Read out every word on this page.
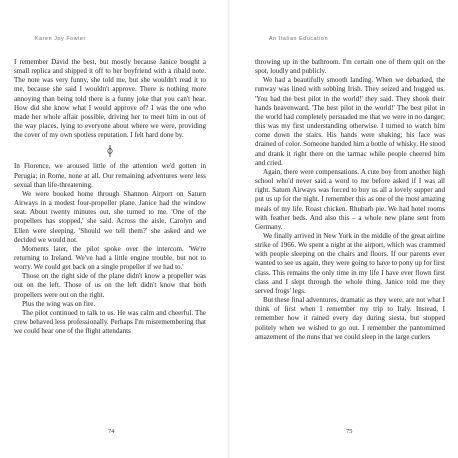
Karen Joy Fowler

I remember David the best, but mostly because Janice bought a small replica and shipped it off to her boyfriend with a ribald note. The note was very funny, she told me, but she wouldn't read it to me, because she said I wouldn't approve. There is nothing more annoying than being told there is a funny joke that you can't hear. How did she know what I would approve of? I was the one who made her whole affair possible, driving her to meet him in out of the way places, lying to everyone about where we were, providing the cover of my own spotless reputation. I felt hard done by.

In Florence, we aroused little of the attention we'd gotten in Perugia; in Rome, none at all. Our remaining adventures were less sexual than life-threatening.

We were booked home through Shannon Airport on Saturn Airways in a modest four-propeller plane. Janice had the window seat. About twenty minutes out, she turned to me. 'One of the propellers has stopped,' she said. Across the aisle, Carolyn and Ellen were sleeping. 'Should we tell them?' she asked and we decided we would not.

Moments later, the pilot spoke over the intercom. 'We're returning to Ireland. We've had a little engine trouble, but not to worry. We could get back on a single propeller if we had to.'

Those on the right side of the plane didn't know a propeller was out on the left. Those of us on the left didn't know that both propellers were out on the right.

Plus the wing was on fire.

The pilot continued to talk to us. He was calm and cheerful. The crew behaved less professionally. Perhaps I'm misremembering that we could hear one of the flight attendants

74
An Italian Education

throwing up in the bathroom. I'm certain one of them quit on the spot, loudly and publicly.

We had a beautifully smooth landing. When we debarked, the runway was lined with sobbing Irish. They seized and hugged us. 'You had the best pilot in the world!' they said. They shook their hands heavenward. 'The best pilot in the world!' The best pilot in the world had completely persuaded me that we were in no danger; this was my first understanding otherwise. I turned to watch him come down the stairs. His hands were shaking; his face was drained of color. Someone handed him a bottle of whisky. He stood and drank it right there on the tarmac while people cheered him and cried.

Again, there were compensations. A cute boy from another high school who'd never said a word to me before asked if I was all right. Saturn Airways was forced to buy us all a lovely supper and put us up for the night. I remember this as one of the most amazing meals of my life. Roast chicken. Rhubarb pie. We had hotel rooms with feather beds. And also this – a whole new plane sent from Germany.

We finally arrived in New York in the middle of the great airline strike of 1966. We spent a night at the airport, which was crammed with people sleeping on the chairs and floors. If our parents ever wanted to see us again, they were going to have to pony up for first class. This remains the only time in my life I have ever flown first class and I slept through the whole thing. Janice told me they served frogs' legs.

But these final adventures, dramatic as they were, are not what I think of first when I remember my trip to Italy. Instead, I remember how it rained every day during siesta, but stopped politely when we wished to go out. I remember the pantomimed amazement of the nuns that we could sleep in the large curlers

75
